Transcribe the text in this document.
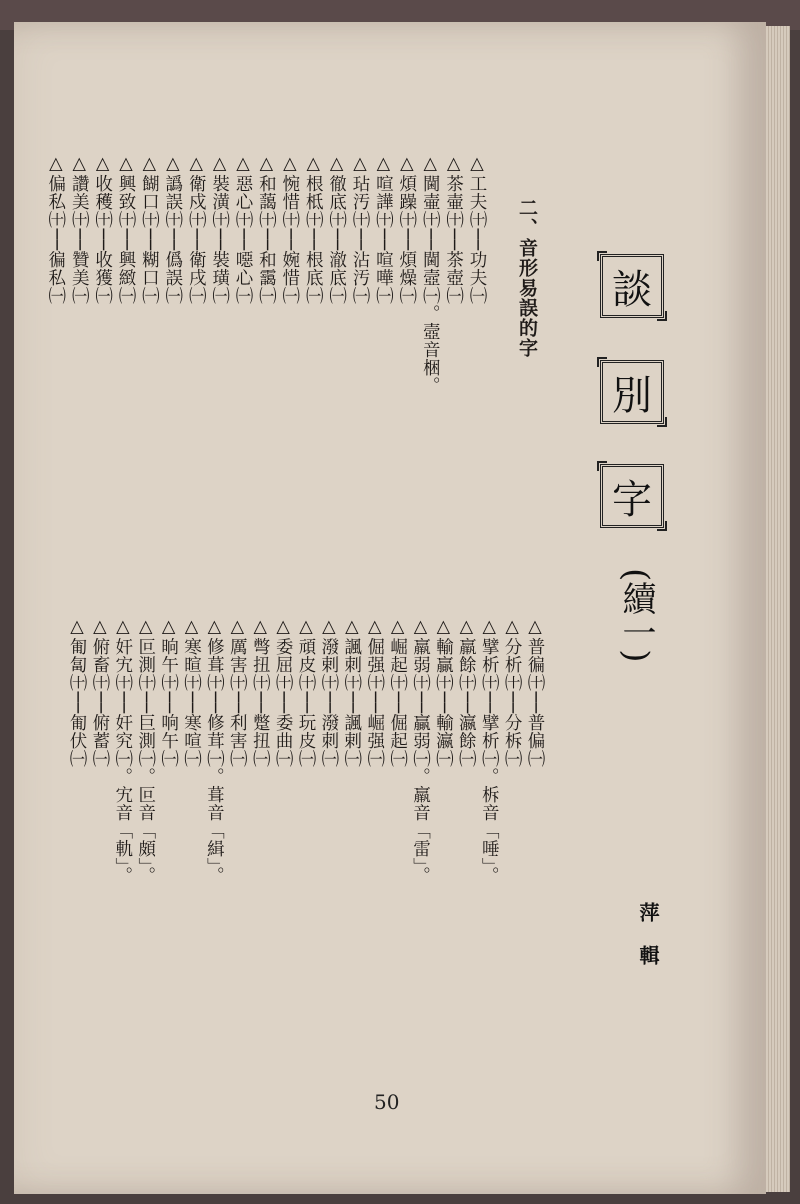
談
別
字
(續一)
萍 輯
二、音形易誤的字
50
△工夫㈩──功夫㈠
△茶壷㈩──茶壺㈠
△閫壷㈩──閫壼㈠。壼音梱。
△煩躁㈩──煩燥㈠
△喧譁㈩──喧嘩㈠
△玷汚㈩──沾汚㈠
△徹底㈩──澈底㈠
△根柢㈩──根底㈠
△惋惜㈩──婉惜㈠
△和藹㈩──和靄㈠
△惡心㈩──噁心㈠
△裝潢㈩──裝璜㈠
△衛戍㈩──衛戌㈠
△譌誤㈩──僞誤㈠
△餬口㈩──糊口㈠
△興致㈩──興緻㈠
△收穫㈩──收獲㈠
△讚美㈩──贊美㈠
△偏私㈩──徧私㈠
△普徧㈩──普偏㈠
△分析㈩──分柝㈠
△擘析㈩──擘析㈠。柝音「唾」。
△羸餘㈩──瀛餘㈠
△輸贏㈩──輸瀛㈠
△羸弱㈩──贏弱㈠。羸音「雷」。
△崛起㈩──倔起㈠
△倔强㈩──崛强㈠
△諷刺㈩──諷剌㈠
△潑剌㈩──潑刺㈠
△頑皮㈩──玩皮㈠
△委屈㈩──委曲㈠
△彆扭㈩──蹩扭㈠
△厲害㈩──利害㈠
△修葺㈩──修茸㈠。葺音「緝」。
△寒暄㈩──寒喧㈠
△晌午㈩──响午㈠
△叵測㈩──巨測㈠。叵音「頗」。
△奸宄㈩──奸究㈠。宄音「軌」。
△俯畜㈩──俯蓄㈠
△匍匐㈩──匍伏㈠
